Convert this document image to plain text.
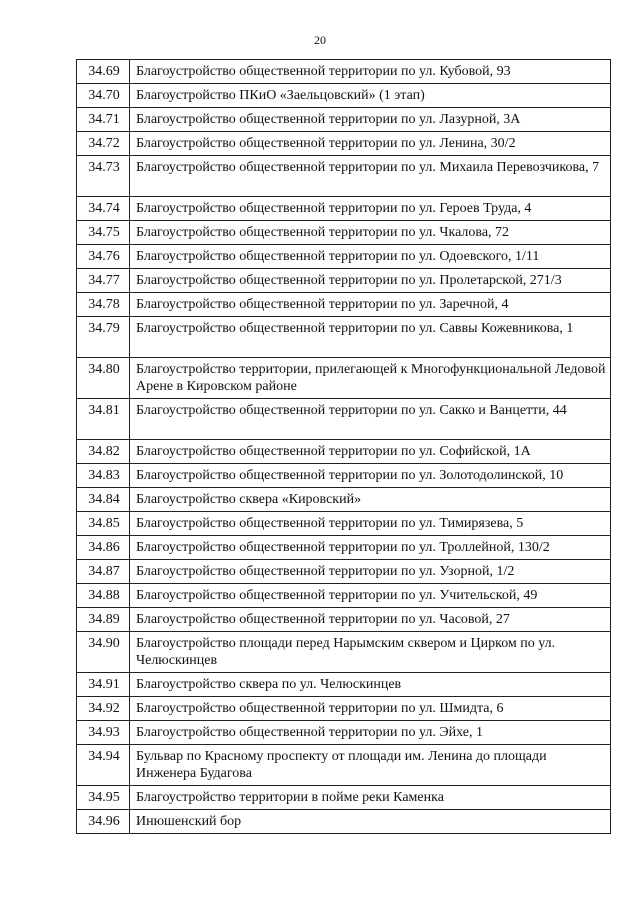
20
34.69	Благоустройство общественной территории по ул. Кубовой, 93
34.70	Благоустройство ПКиО «Заельцовский» (1 этап)
34.71	Благоустройство общественной территории по ул. Лазурной, 3А
34.72	Благоустройство общественной территории по ул. Ленина, 30/2
34.73	Благоустройство общественной территории по ул. Михаила Перевозчикова, 7
34.74	Благоустройство общественной территории по ул. Героев Труда, 4
34.75	Благоустройство общественной территории по ул. Чкалова, 72
34.76	Благоустройство общественной территории по ул. Одоевского, 1/11
34.77	Благоустройство общественной территории по ул. Пролетарской, 271/3
34.78	Благоустройство общественной территории по ул. Заречной, 4
34.79	Благоустройство общественной территории по ул. Саввы Кожевникова, 1
34.80	Благоустройство территории, прилегающей к Многофункциональной Ледовой Арене в Кировском районе
34.81	Благоустройство общественной территории по ул. Сакко и Ванцетти, 44
34.82	Благоустройство общественной территории по ул. Софийской, 1А
34.83	Благоустройство общественной территории по ул. Золотодолинской, 10
34.84	Благоустройство сквера «Кировский»
34.85	Благоустройство общественной территории по ул. Тимирязева, 5
34.86	Благоустройство общественной территории по ул. Троллейной, 130/2
34.87	Благоустройство общественной территории по ул. Узорной, 1/2
34.88	Благоустройство общественной территории по ул. Учительской, 49
34.89	Благоустройство общественной территории по ул. Часовой, 27
34.90	Благоустройство площади перед Нарымским сквером и Цирком по ул. Челюскинцев
34.91	Благоустройство сквера по ул. Челюскинцев
34.92	Благоустройство общественной территории по ул. Шмидта, 6
34.93	Благоустройство общественной территории по ул. Эйхе, 1
34.94	Бульвар по Красному проспекту от площади им. Ленина до площади Инженера Будагова
34.95	Благоустройство территории в пойме реки Каменка
34.96	Инюшенский бор
